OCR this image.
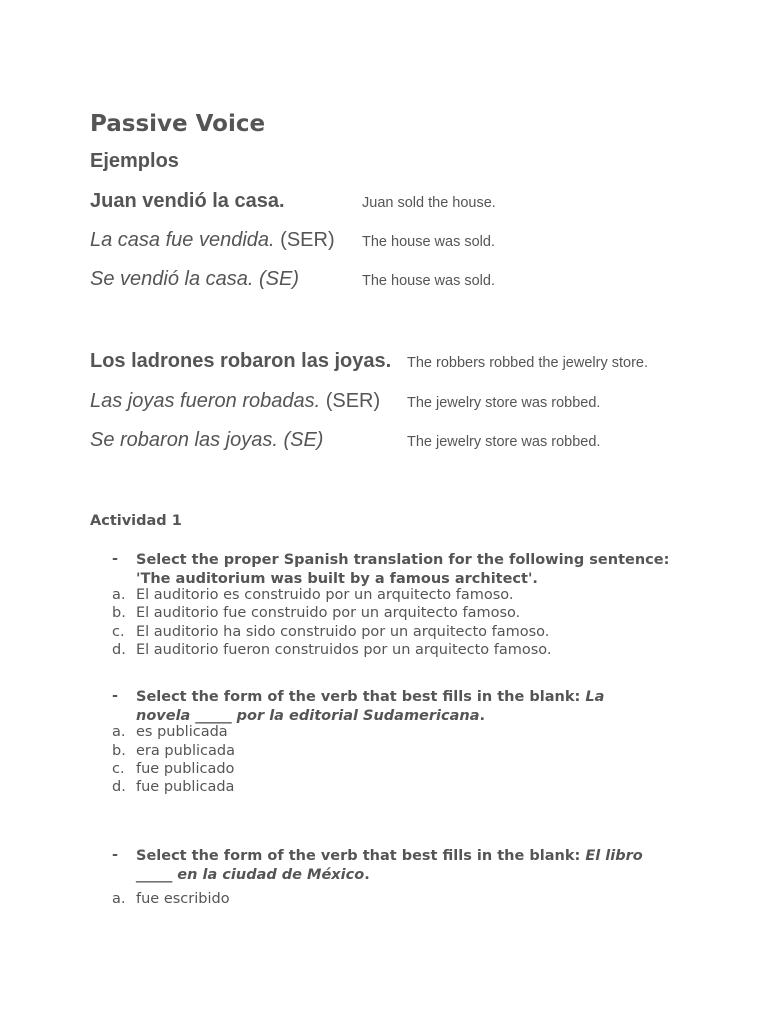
Passive Voice
Ejemplos
Juan vendió la casa.	Juan sold the house.
La casa fue vendida. (SER) The house was sold.
Se vendió la casa. (SE)	The house was sold.
Los ladrones robaron las joyas. The robbers robbed the jewelry store.
Las joyas fueron robadas. (SER) The jewelry store was robbed.
Se robaron las joyas. (SE)	The jewelry store was robbed.
Actividad 1
- Select the proper Spanish translation for the following sentence: 'The auditorium was built by a famous architect'.
a. El auditorio es construido por un arquitecto famoso.
b. El auditorio fue construido por un arquitecto famoso.
c. El auditorio ha sido construido por un arquitecto famoso.
d. El auditorio fueron construidos por un arquitecto famoso.
- Select the form of the verb that best fills in the blank: La novela _____ por la editorial Sudamericana.
a. es publicada
b. era publicada
c. fue publicado
d. fue publicada
- Select the form of the verb that best fills in the blank: El libro _____ en la ciudad de México.
a. fue escribido
